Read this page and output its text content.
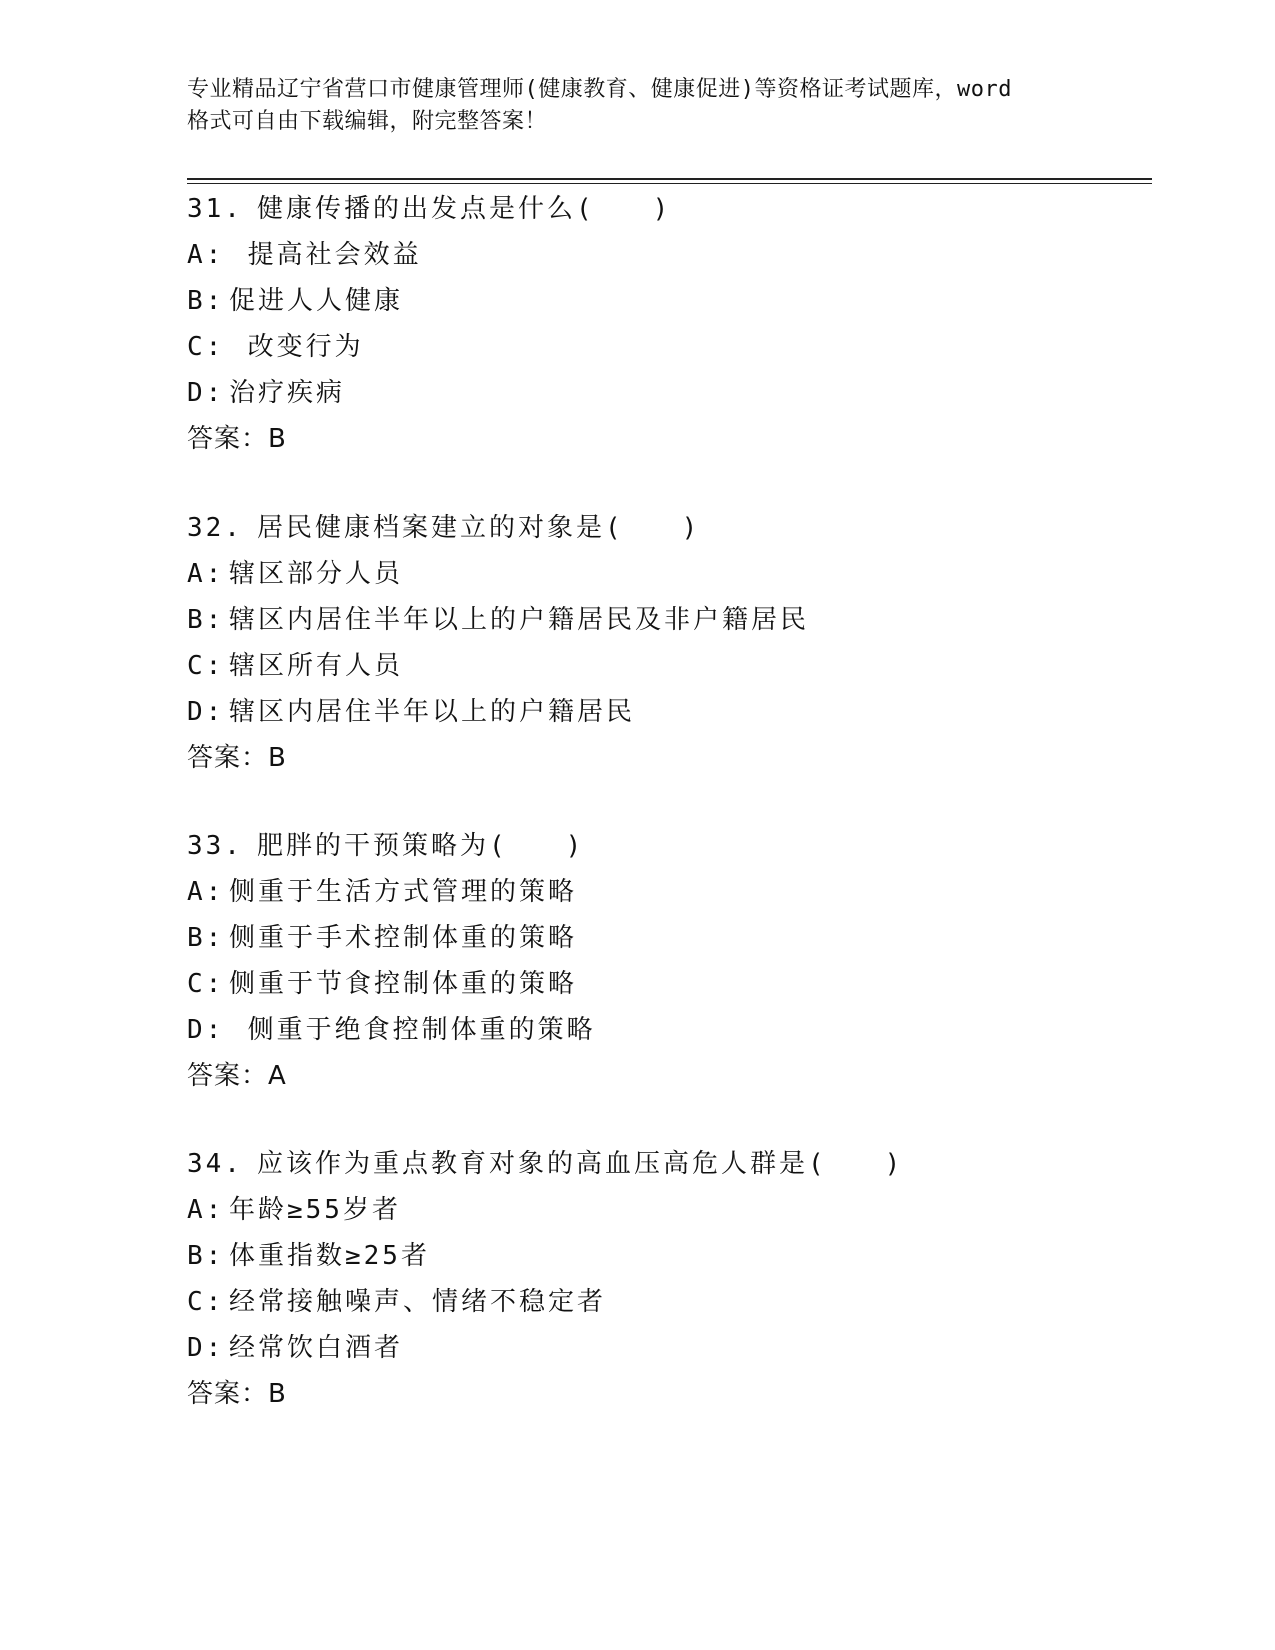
专业精品辽宁省营口市健康管理师(健康教育、健康促进)等资格证考试题库，word
格式可自由下载编辑，附完整答案！
31. 健康传播的出发点是什么(　　)
A: 提高社会效益
B: 促进人人健康
C: 改变行为
D: 治疗疾病
答案：B
32. 居民健康档案建立的对象是(　　)
A: 辖区部分人员
B: 辖区内居住半年以上的户籍居民及非户籍居民
C: 辖区所有人员
D: 辖区内居住半年以上的户籍居民
答案：B
33. 肥胖的干预策略为(　　)
A: 侧重于生活方式管理的策略
B: 侧重于手术控制体重的策略
C: 侧重于节食控制体重的策略
D: 侧重于绝食控制体重的策略
答案：A
34. 应该作为重点教育对象的高血压高危人群是(　　)
A: 年龄≥55岁者
B: 体重指数≥25者
C: 经常接触噪声、情绪不稳定者
D: 经常饮白酒者
答案：B
